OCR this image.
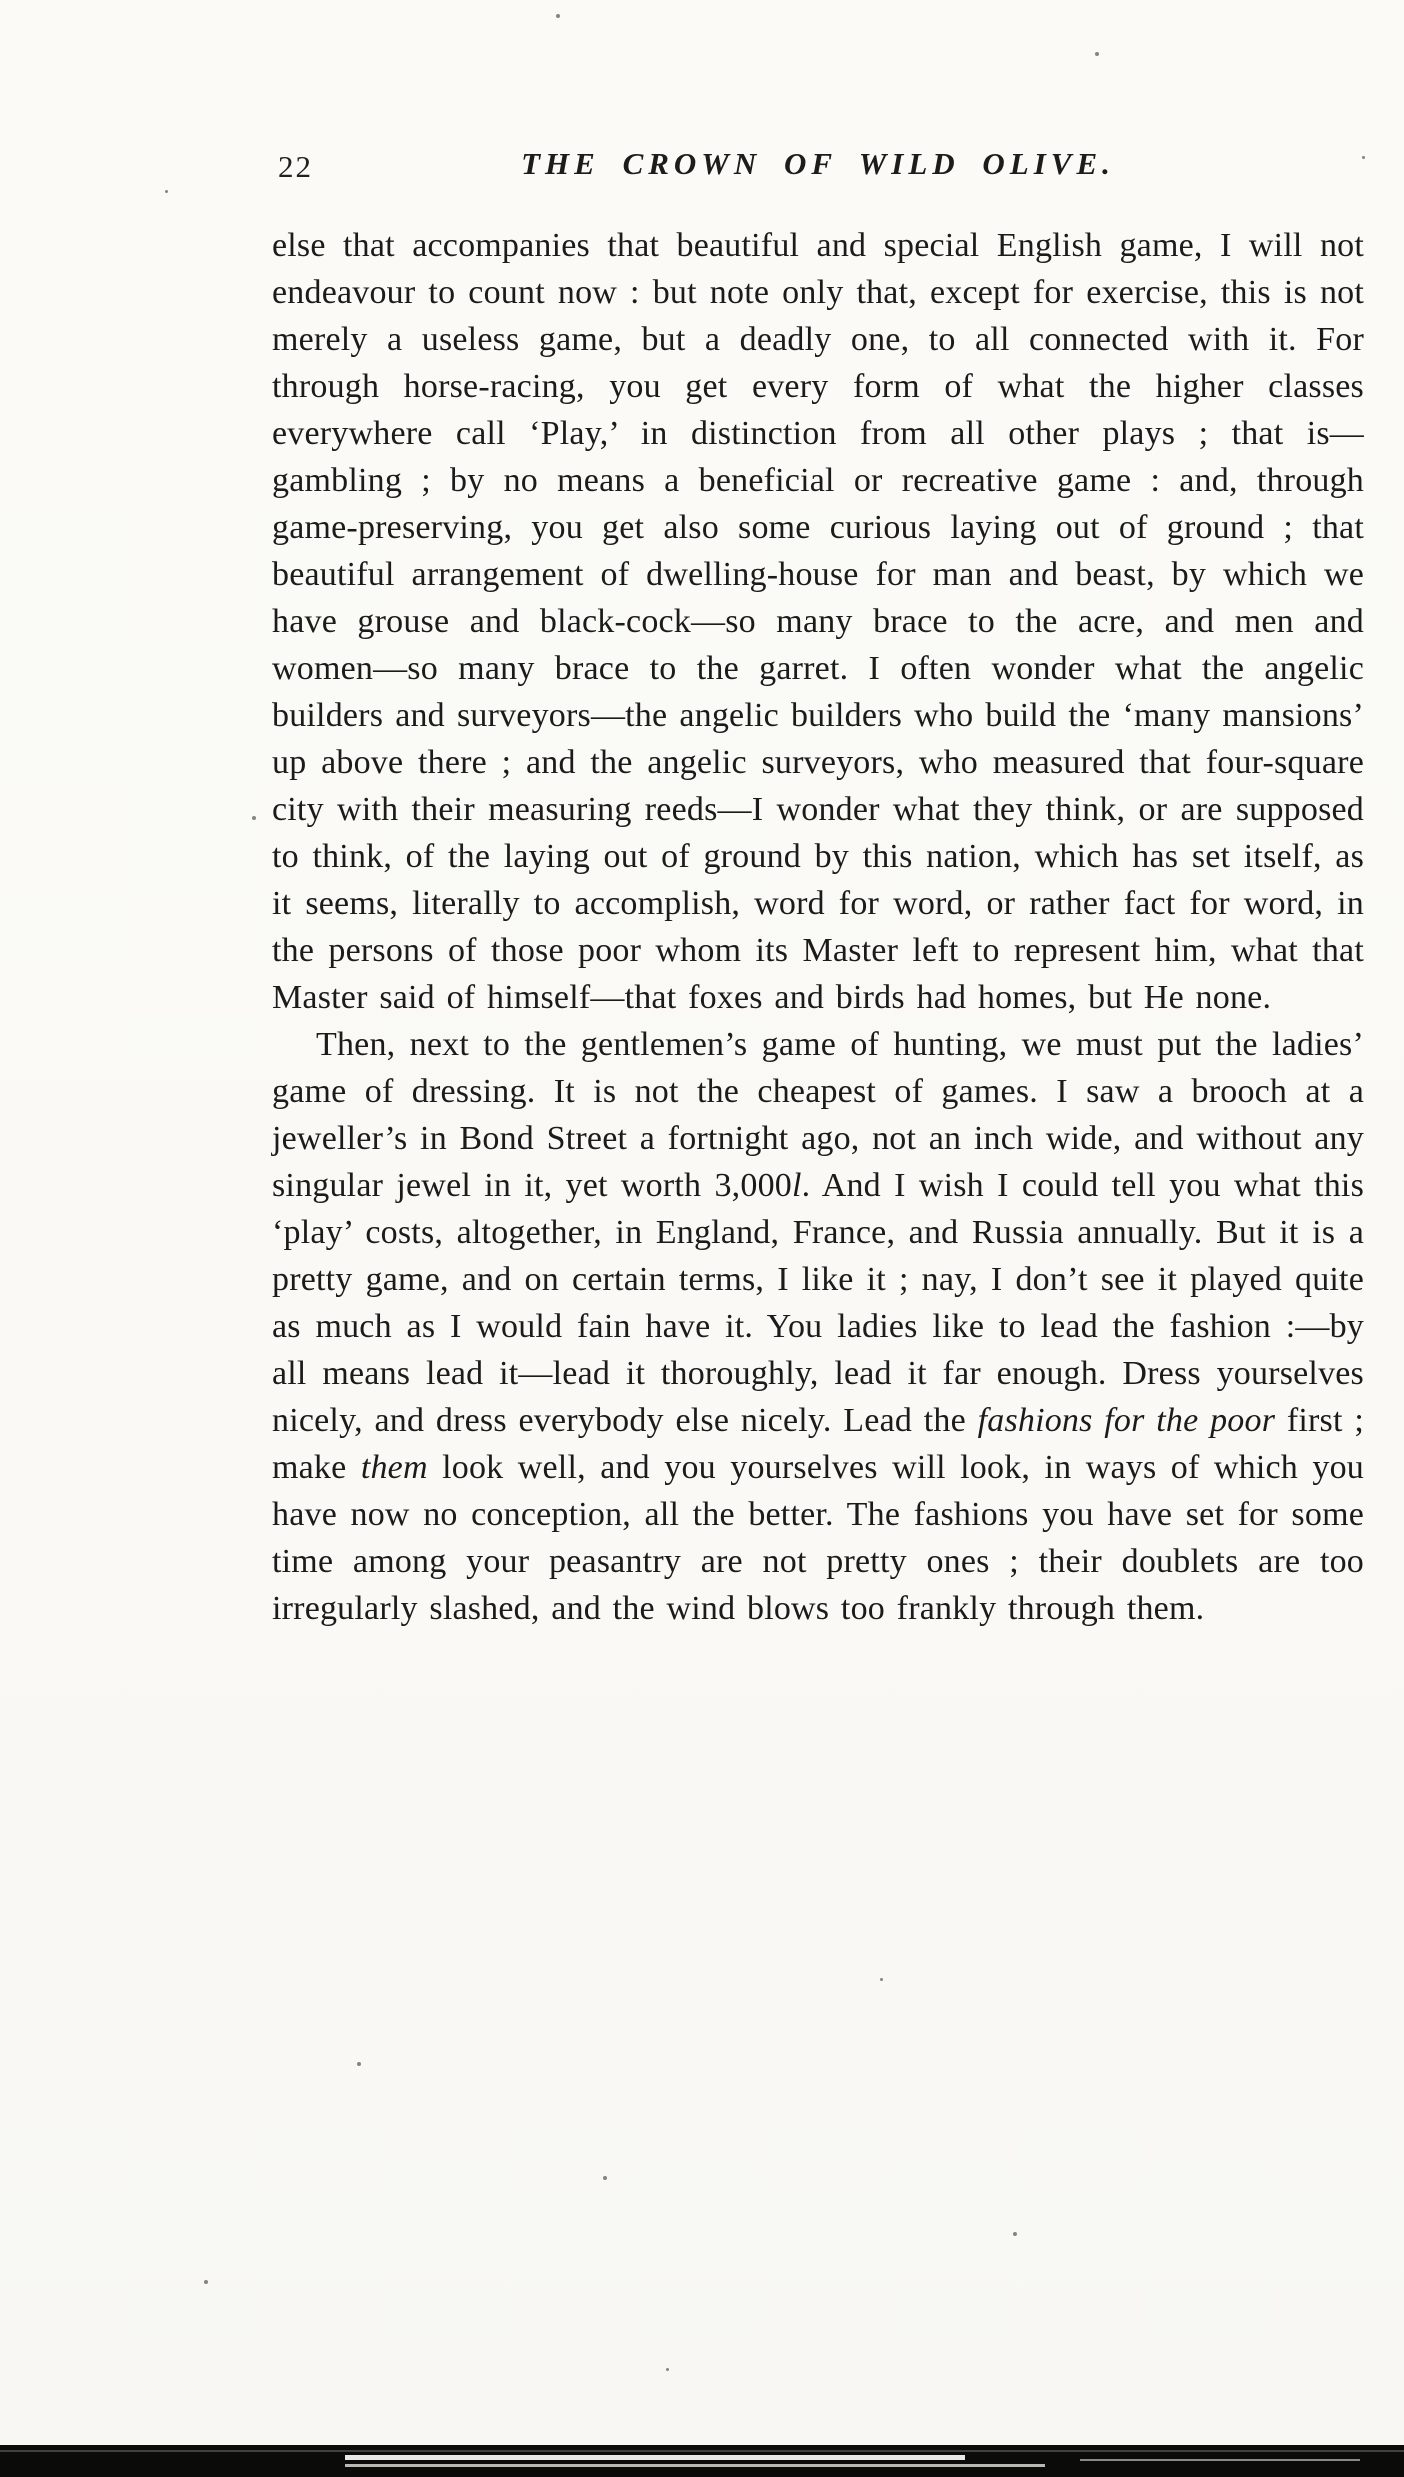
22	THE CROWN OF WILD OLIVE.

else that accompanies that beautiful and special English game, I will not endeavour to count now : but note only that, except for exercise, this is not merely a useless game, but a deadly one, to all connected with it. For through horse-racing, you get every form of what the higher classes everywhere call ‘Play,’ in distinction from all other plays ; that is—gambling ; by no means a beneficial or recreative game : and, through game-preserving, you get also some curious laying out of ground ; that beautiful arrangement of dwelling-house for man and beast, by which we have grouse and black-cock—so many brace to the acre, and men and women—so many brace to the garret. I often wonder what the angelic builders and surveyors—the angelic builders who build the ‘many mansions’ up above there ; and the angelic surveyors, who measured that four-square city with their measuring reeds—I wonder what they think, or are supposed to think, of the laying out of ground by this nation, which has set itself, as it seems, literally to accomplish, word for word, or rather fact for word, in the persons of those poor whom its Master left to represent him, what that Master said of himself—that foxes and birds had homes, but He none.

Then, next to the gentlemen’s game of hunting, we must put the ladies’ game of dressing. It is not the cheapest of games. I saw a brooch at a jeweller’s in Bond Street a fortnight ago, not an inch wide, and without any singular jewel in it, yet worth 3,000l. And I wish I could tell you what this ‘play’ costs, altogether, in England, France, and Russia annually. But it is a pretty game, and on certain terms, I like it ; nay, I don’t see it played quite as much as I would fain have it. You ladies like to lead the fashion :—by all means lead it—lead it thoroughly, lead it far enough. Dress yourselves nicely, and dress everybody else nicely. Lead the fashions for the poor first ; make them look well, and you yourselves will look, in ways of which you have now no conception, all the better. The fashions you have set for some time among your peasantry are not pretty ones ; their doublets are too irregularly slashed, and the wind blows too frankly through them.
